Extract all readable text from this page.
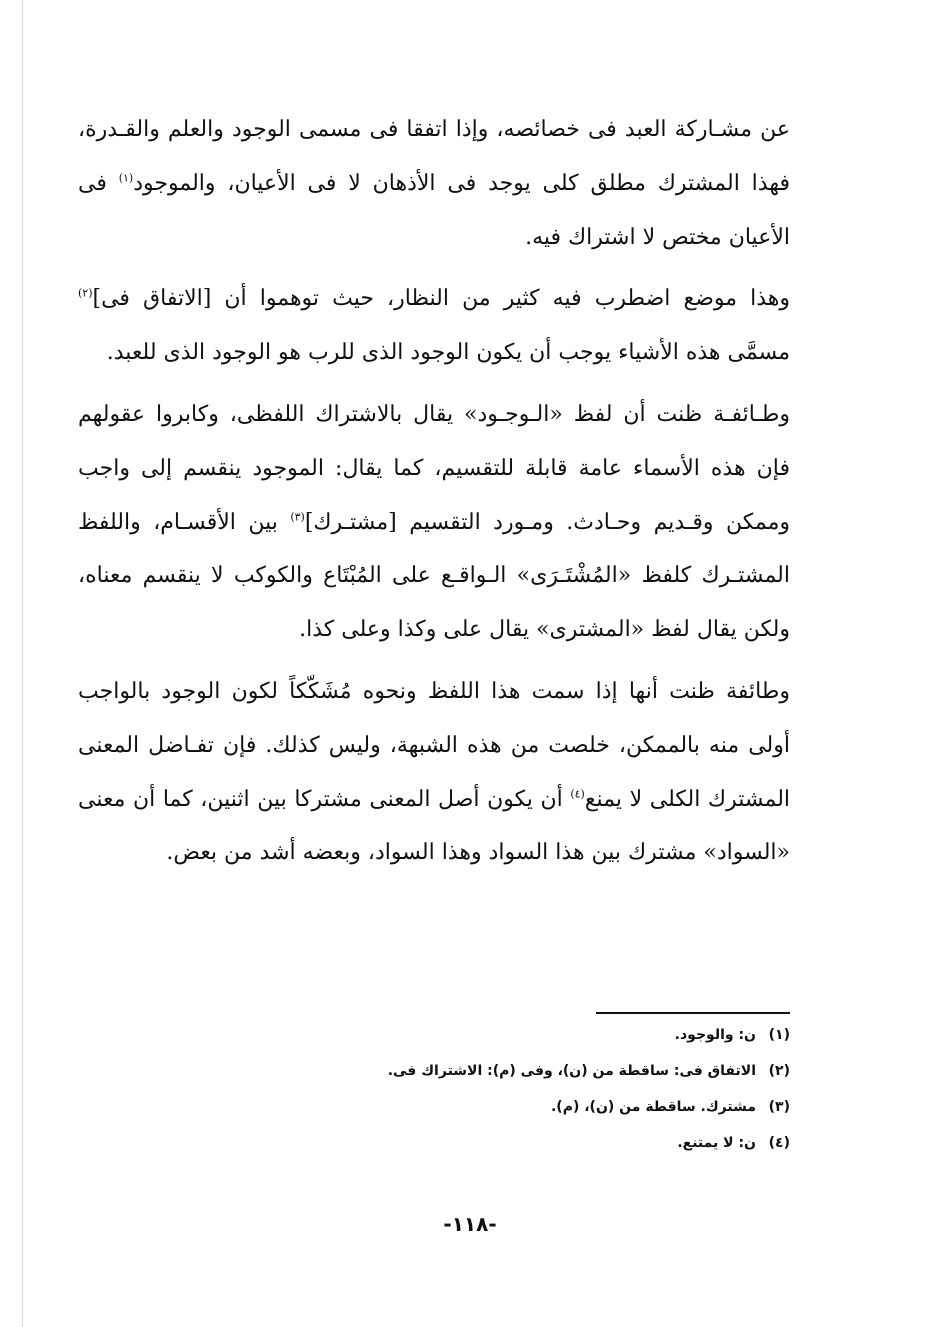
عن مشـارکة العبد فی خصائصه، وإذا اتفقا فی مسمی الوجود والعلم والقـدرة، فهذا المشترك مطلق کلی یوجد فی الأذهان لا فی الأعیان، والموجود$^{(١)}$ فی الأعیان مختص لا اشتراك فیه.

وهذا موضع اضطرب فیه کثیر من النظار، حیث توهموا أن [الاتفاق فی]$^{(٢)}$ مسمَّی هذه الأشیاء یوجب أن یکون الوجود الذی للرب هو الوجود الذی للعبد.

وطـائفـة ظنت أن لفظ «الـوجـود» یقال بالاشتراك اللفظی، وکابروا عقولهم فإن هذه الأسماء عامة قابلة للتقسیم، کما یقال: الموجود ینقسم إلی واجب وممکن وقـدیم وحـادث. ومـورد التقسیم [مشتـرك]$^{(٣)}$ بین الأقسـام، واللفظ المشتـرك کلفظ «المُشْتَـرَی» الـواقـع علی المُبْتَاع والکوکب لا ینقسم معناه، ولکن یقال لفظ «المشتری» یقال علی وکذا وعلی کذا.

وطائفة ظنت أنها إذا سمت هذا اللفظ ونحوه مُشَکّکاً لکون الوجود بالواجب أولی منه بالممکن، خلصت من هذه الشبهة، ولیس کذلك. فإن تفـاضل المعنی المشترك الکلی لا یمنع$^{(٤)}$ أن یکون أصل المعنی مشترکا بین اثنین، کما أن معنی «السواد» مشترك بین هذا السواد وهذا السواد، وبعضه أشد من بعض.

(١)ن: والوجود.

(٢)الاتفاق فی: ساقطة من (ن)، وفی (م): الاشتراك فی.

(٣)مشترك. ساقطة من (ن)، (م).

(٤)ن: لا یمتنع.

-١١٨-
